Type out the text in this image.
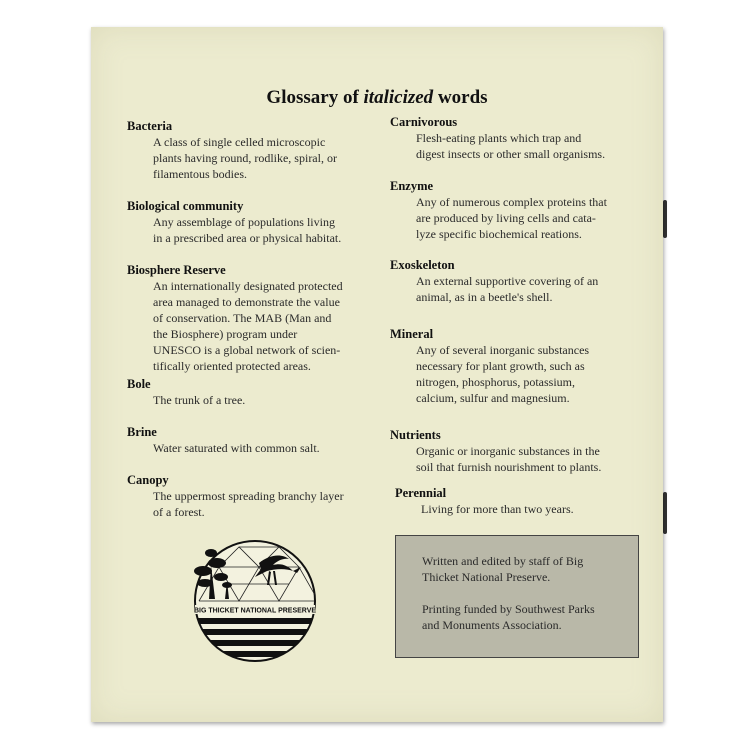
Glossary of italicized words
Bacteria
A class of single celled microscopic
plants having round, rodlike, spiral, or
filamentous bodies.
Biological community
Any assemblage of populations living
in a prescribed area or physical habitat.
Biosphere Reserve
An internationally designated protected
area managed to demonstrate the value
of conservation. The MAB (Man and
the Biosphere) program under
UNESCO is a global network of scien-
tifically oriented protected areas.
Bole
The trunk of a tree.
Brine
Water saturated with common salt.
Canopy
The uppermost spreading branchy layer
of a forest.
Carnivorous
Flesh-eating plants which trap and
digest insects or other small organisms.
Enzyme
Any of numerous complex proteins that
are produced by living cells and cata-
lyze specific biochemical reations.
Exoskeleton
An external supportive covering of an
animal, as in a beetle's shell.
Mineral
Any of several inorganic substances
necessary for plant growth, such as
nitrogen, phosphorus, potassium,
calcium, sulfur and magnesium.
Nutrients
Organic or inorganic substances in the
soil that furnish nourishment to plants.
Perennial
Living for more than two years.
BIG THICKET NATIONAL PRESERVE
Written and edited by staff of Big
Thicket National Preserve.
Printing funded by Southwest Parks
and Monuments Association.
